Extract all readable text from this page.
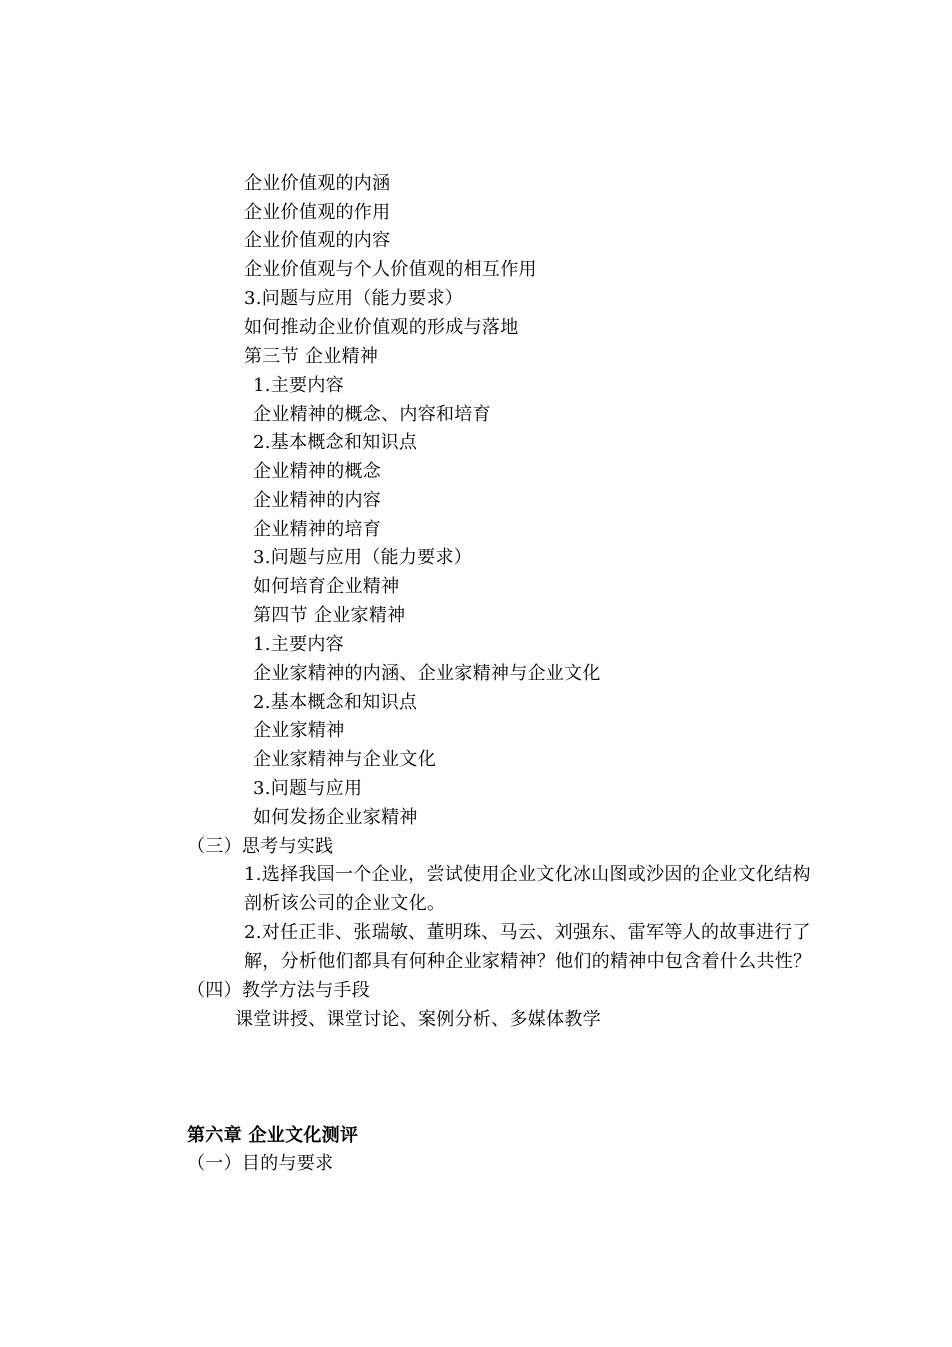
企业价值观的内涵
企业价值观的作用
企业价值观的内容
企业价值观与个人价值观的相互作用
3.问题与应用（能力要求）
如何推动企业价值观的形成与落地
第三节 企业精神
1.主要内容
企业精神的概念、内容和培育
2.基本概念和知识点
企业精神的概念
企业精神的内容
企业精神的培育
3.问题与应用（能力要求）
如何培育企业精神
第四节 企业家精神
1.主要内容
企业家精神的内涵、企业家精神与企业文化
2.基本概念和知识点
企业家精神
企业家精神与企业文化
3.问题与应用
如何发扬企业家精神
（三）思考与实践
1.选择我国一个企业，尝试使用企业文化冰山图或沙因的企业文化结构
剖析该公司的企业文化。
2.对任正非、张瑞敏、董明珠、马云、刘强东、雷军等人的故事进行了
解，分析他们都具有何种企业家精神？他们的精神中包含着什么共性？
（四）教学方法与手段
课堂讲授、课堂讨论、案例分析、多媒体教学
第六章 企业文化测评
（一）目的与要求
